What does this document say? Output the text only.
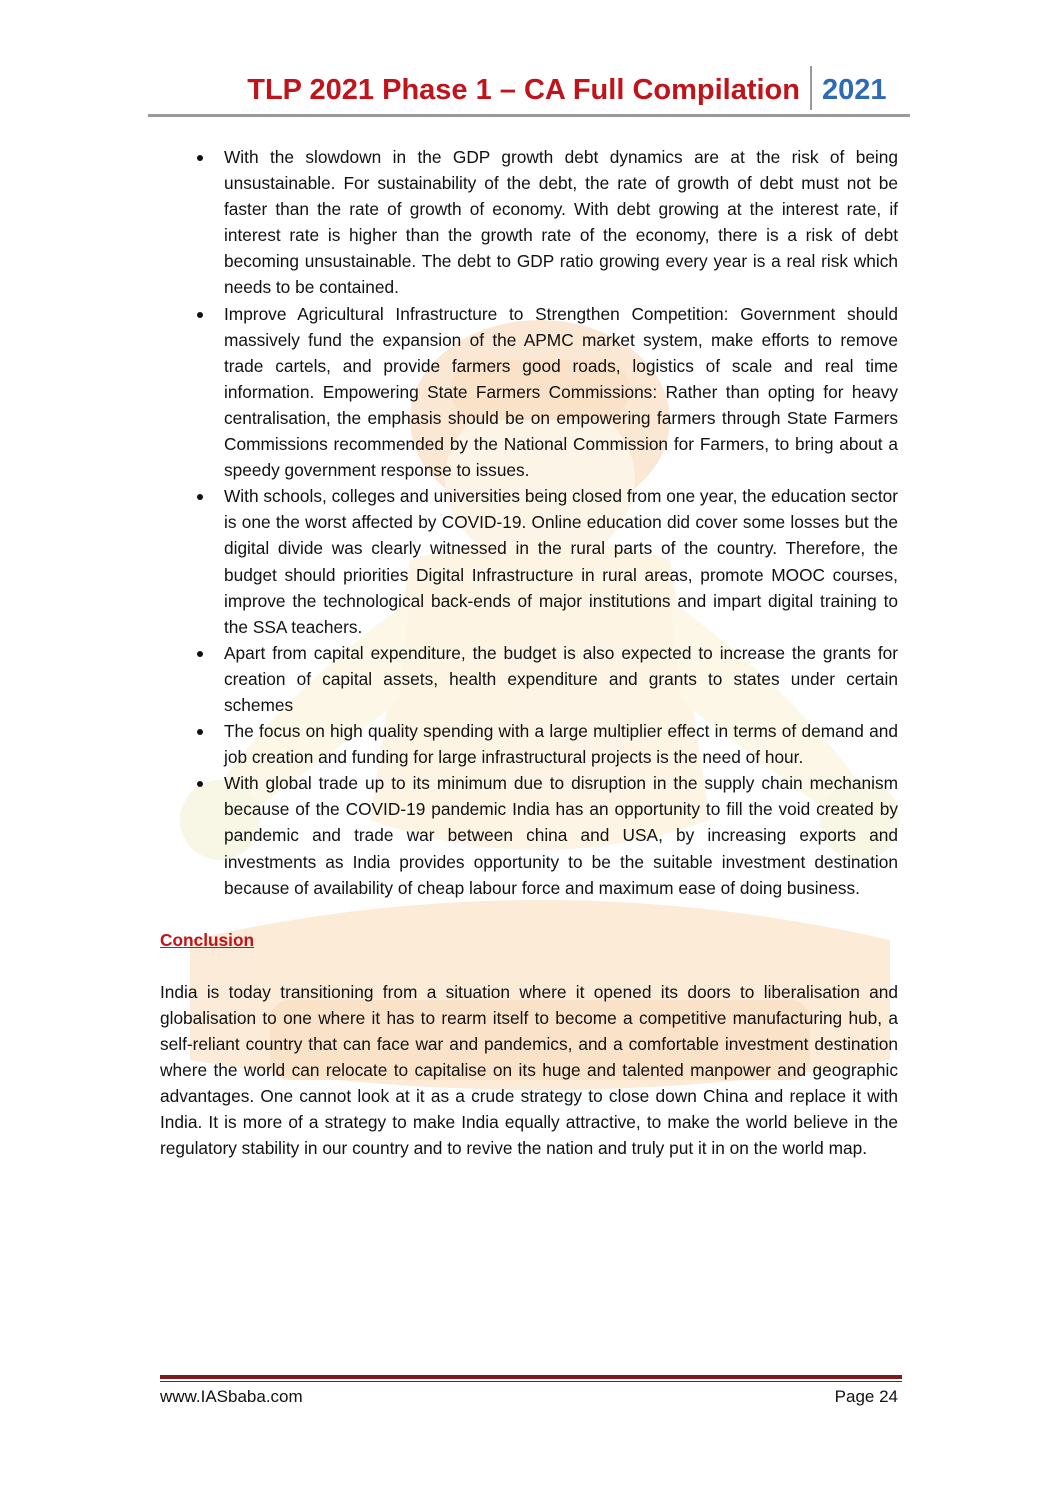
TLP 2021 Phase 1 – CA Full Compilation 2021
With the slowdown in the GDP growth debt dynamics are at the risk of being unsustainable. For sustainability of the debt, the rate of growth of debt must not be faster than the rate of growth of economy. With debt growing at the interest rate, if interest rate is higher than the growth rate of the economy, there is a risk of debt becoming unsustainable. The debt to GDP ratio growing every year is a real risk which needs to be contained.
Improve Agricultural Infrastructure to Strengthen Competition: Government should massively fund the expansion of the APMC market system, make efforts to remove trade cartels, and provide farmers good roads, logistics of scale and real time information. Empowering State Farmers Commissions: Rather than opting for heavy centralisation, the emphasis should be on empowering farmers through State Farmers Commissions recommended by the National Commission for Farmers, to bring about a speedy government response to issues.
With schools, colleges and universities being closed from one year, the education sector is one the worst affected by COVID-19. Online education did cover some losses but the digital divide was clearly witnessed in the rural parts of the country. Therefore, the budget should priorities Digital Infrastructure in rural areas, promote MOOC courses, improve the technological back-ends of major institutions and impart digital training to the SSA teachers.
Apart from capital expenditure, the budget is also expected to increase the grants for creation of capital assets, health expenditure and grants to states under certain schemes
The focus on high quality spending with a large multiplier effect in terms of demand and job creation and funding for large infrastructural projects is the need of hour.
With global trade up to its minimum due to disruption in the supply chain mechanism because of the COVID-19 pandemic India has an opportunity to fill the void created by pandemic and trade war between china and USA, by increasing exports and investments as India provides opportunity to be the suitable investment destination because of availability of cheap labour force and maximum ease of doing business.
Conclusion
India is today transitioning from a situation where it opened its doors to liberalisation and globalisation to one where it has to rearm itself to become a competitive manufacturing hub, a self-reliant country that can face war and pandemics, and a comfortable investment destination where the world can relocate to capitalise on its huge and talented manpower and geographic advantages. One cannot look at it as a crude strategy to close down China and replace it with India. It is more of a strategy to make India equally attractive, to make the world believe in the regulatory stability in our country and to revive the nation and truly put it in on the world map.
www.IASbaba.com	Page 24
